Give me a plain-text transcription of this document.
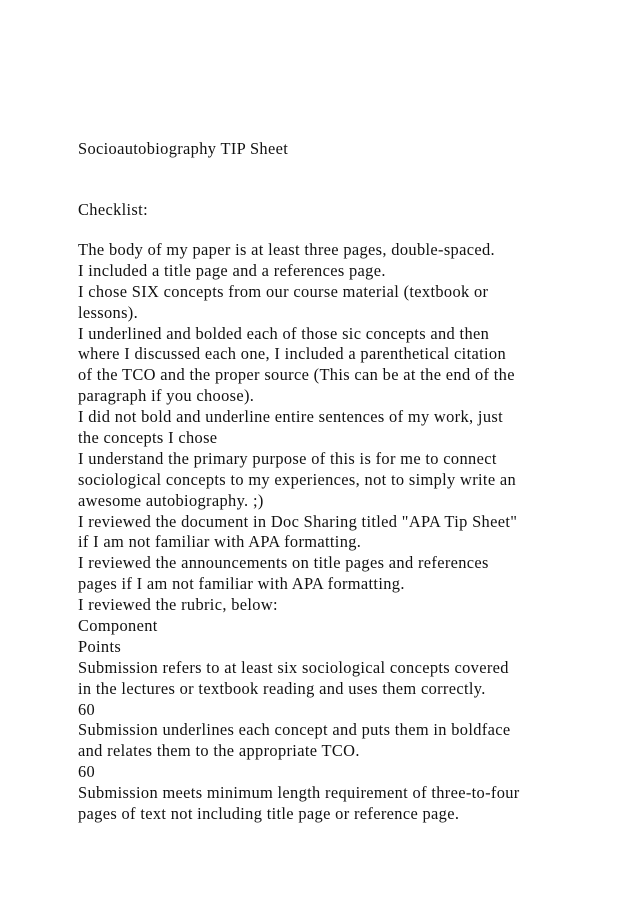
Socioautobiography TIP Sheet
Checklist:
The body of my paper is at least three pages, double-spaced.
I included a title page and a references page.
I chose SIX concepts from our course material (textbook or
lessons).
I underlined and bolded each of those sic concepts and then
where I discussed each one, I included a parenthetical citation
of the TCO and the proper source (This can be at the end of the
paragraph if you choose).
I did not bold and underline entire sentences of my work, just
the concepts I chose
I understand the primary purpose of this is for me to connect
sociological concepts to my experiences, not to simply write an
awesome autobiography. ;)
I reviewed the document in Doc Sharing titled "APA Tip Sheet"
if I am not familiar with APA formatting.
I reviewed the announcements on title pages and references
pages if I am not familiar with APA formatting.
I reviewed the rubric, below:
Component
Points
Submission refers to at least six sociological concepts covered
in the lectures or textbook reading and uses them correctly.
60
Submission underlines each concept and puts them in boldface
and relates them to the appropriate TCO.
60
Submission meets minimum length requirement of three-to-four
pages of text not including title page or reference page.
